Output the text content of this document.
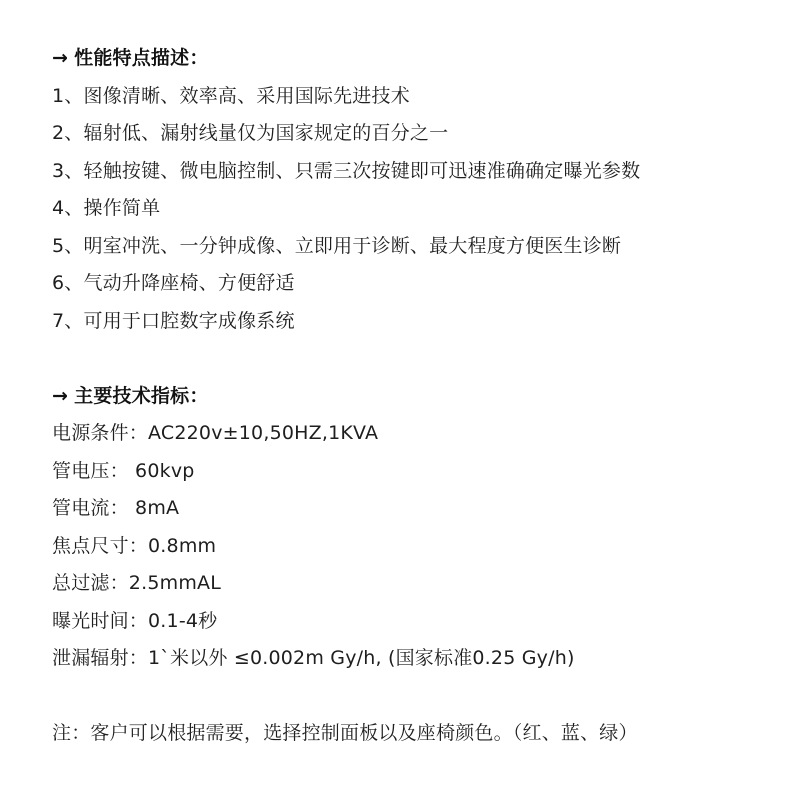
→ 性能特点描述：
1、图像清晰、效率高、采用国际先进技术
2、辐射低、漏射线量仅为国家规定的百分之一
3、轻触按键、微电脑控制、只需三次按键即可迅速准确确定曝光参数
4、操作简单
5、明室冲洗、一分钟成像、立即用于诊断、最大程度方便医生诊断
6、气动升降座椅、方便舒适
7、可用于口腔数字成像系统
→ 主要技术指标：
电源条件：AC220v±10,50HZ,1KVA
管电压： 60kvp
管电流： 8mA
焦点尺寸：0.8mm
总过滤：2.5mmAL
曝光时间：0.1-4秒
泄漏辐射：1`米以外 ≤0.002m Gy/h, (国家标准0.25 Gy/h)
注：客户可以根据需要，选择控制面板以及座椅颜色。（红、蓝、绿）
